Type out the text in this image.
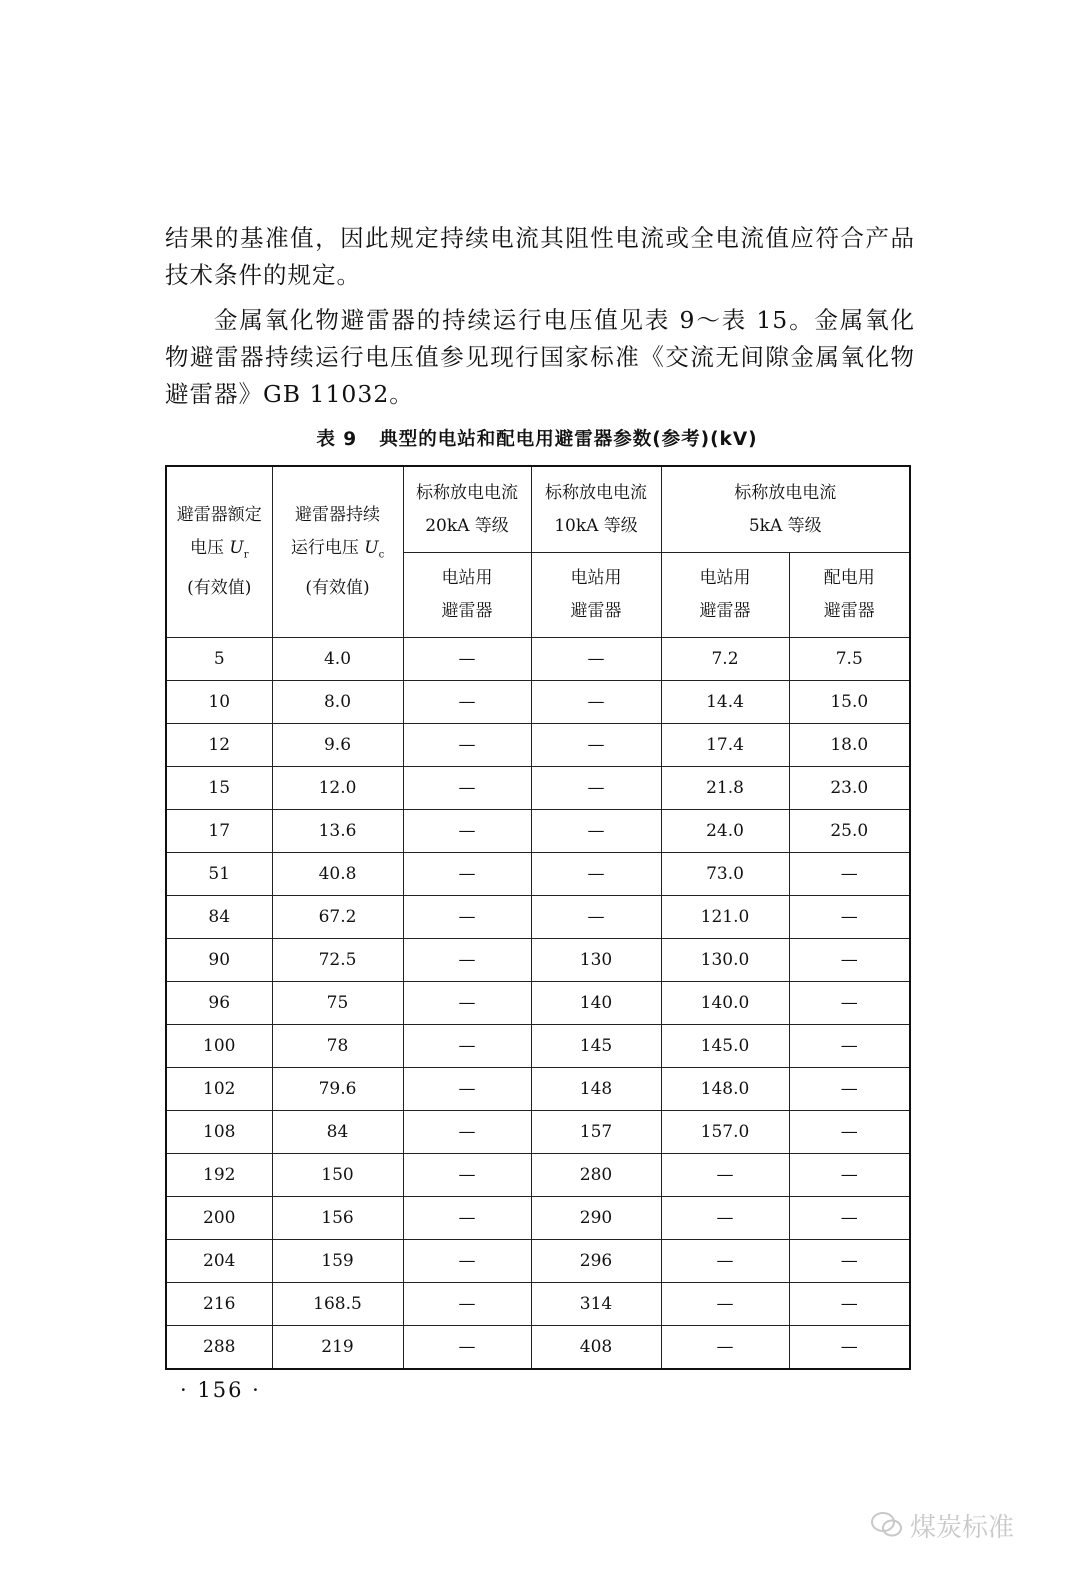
结果的基准值，因此规定持续电流其阻性电流或全电流值应符合产品技术条件的规定。

金属氧化物避雷器的持续运行电压值见表 9～表 15。金属氧化物避雷器持续运行电压值参见现行国家标准《交流无间隙金属氧化物避雷器》GB 11032。

表 9 典型的电站和配电用避雷器参数(参考)(kV)

避雷器额定
电压 $U_r$
(有效值)	避雷器持续
运行电压 $U_c$
(有效值)	标称放电电流
20kA 等级	标称放电电流
10kA 等级	标称放电电流
5kA 等级	
		电站用
避雷器	电站用
避雷器	电站用
避雷器	配电用
避雷器
5	4.0	—	—	7.2	7.5
10	8.0	—	—	14.4	15.0
12	9.6	—	—	17.4	18.0
15	12.0	—	—	21.8	23.0
17	13.6	—	—	24.0	25.0
51	40.8	—	—	73.0	—
84	67.2	—	—	121.0	—
90	72.5	—	130	130.0	—
96	75	—	140	140.0	—
100	78	—	145	145.0	—
102	79.6	—	148	148.0	—
108	84	—	157	157.0	—
192	150	—	280	—	—
200	156	—	290	—	—
204	159	—	296	—	—
216	168.5	—	314	—	—
288	219	—	408	—	—

· 156 ·

煤炭标准
